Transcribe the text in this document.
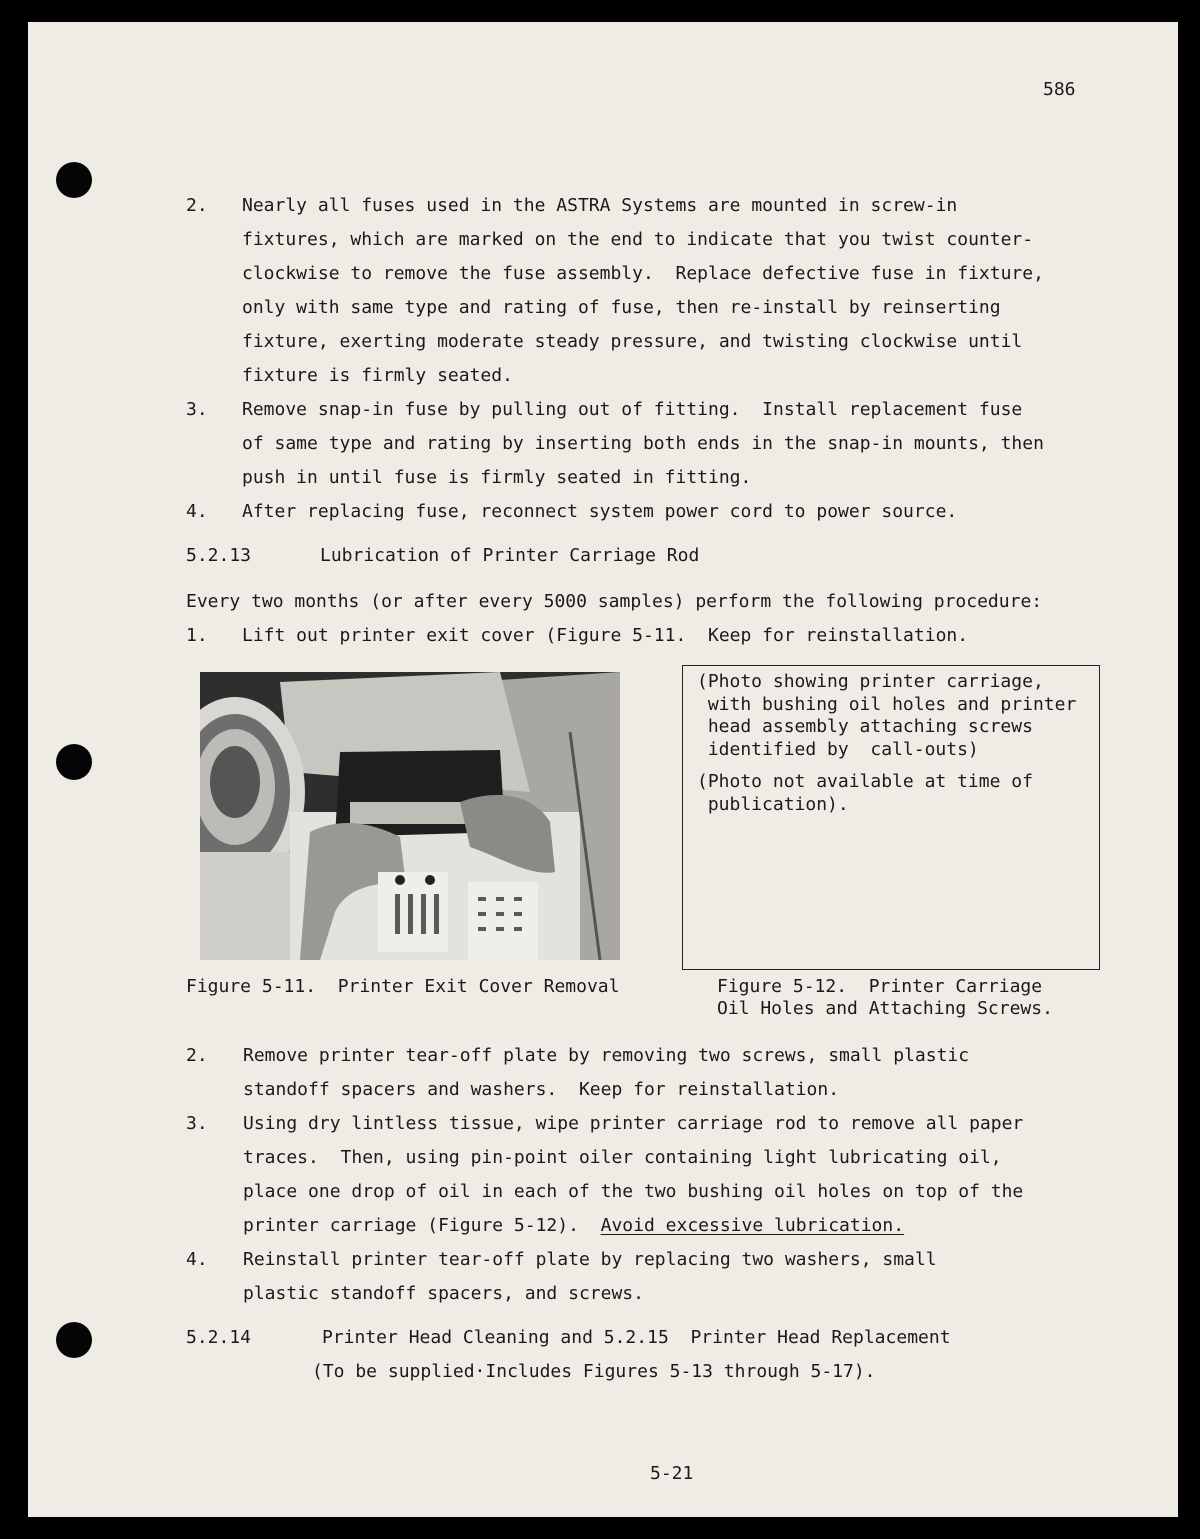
586
2. Nearly all fuses used in the ASTRA Systems are mounted in screw-in
fixtures, which are marked on the end to indicate that you twist counter-
clockwise to remove the fuse assembly.  Replace defective fuse in fixture,
only with same type and rating of fuse, then re-install by reinserting
fixture, exerting moderate steady pressure, and twisting clockwise until
fixture is firmly seated.
3. Remove snap-in fuse by pulling out of fitting.  Install replacement fuse
of same type and rating by inserting both ends in the snap-in mounts, then
push in until fuse is firmly seated in fitting.
4. After replacing fuse, reconnect system power cord to power source.
5.2.13	Lubrication of Printer Carriage Rod
Every two months (or after every 5000 samples) perform the following procedure:
1. Lift out printer exit cover (Figure 5-11.  Keep for reinstallation.
(Photo showing printer carriage,
with bushing oil holes and printer
head assembly attaching screws
identified by  call-outs)
(Photo not available at time of
publication).
Figure 5-11.  Printer Exit Cover Removal	Figure 5-12.  Printer Carriage
Oil Holes and Attaching Screws.
2. Remove printer tear-off plate by removing two screws, small plastic
standoff spacers and washers.  Keep for reinstallation.
3. Using dry lintless tissue, wipe printer carriage rod to remove all paper
traces.  Then, using pin-point oiler containing light lubricating oil,
place one drop of oil in each of the two bushing oil holes on top of the
printer carriage (Figure 5-12).  Avoid excessive lubrication.
4. Reinstall printer tear-off plate by replacing two washers, small
plastic standoff spacers, and screws.
5.2.14	Printer Head Cleaning and 5.2.15  Printer Head Replacement
(To be supplied·Includes Figures 5-13 through 5-17).
5-21
